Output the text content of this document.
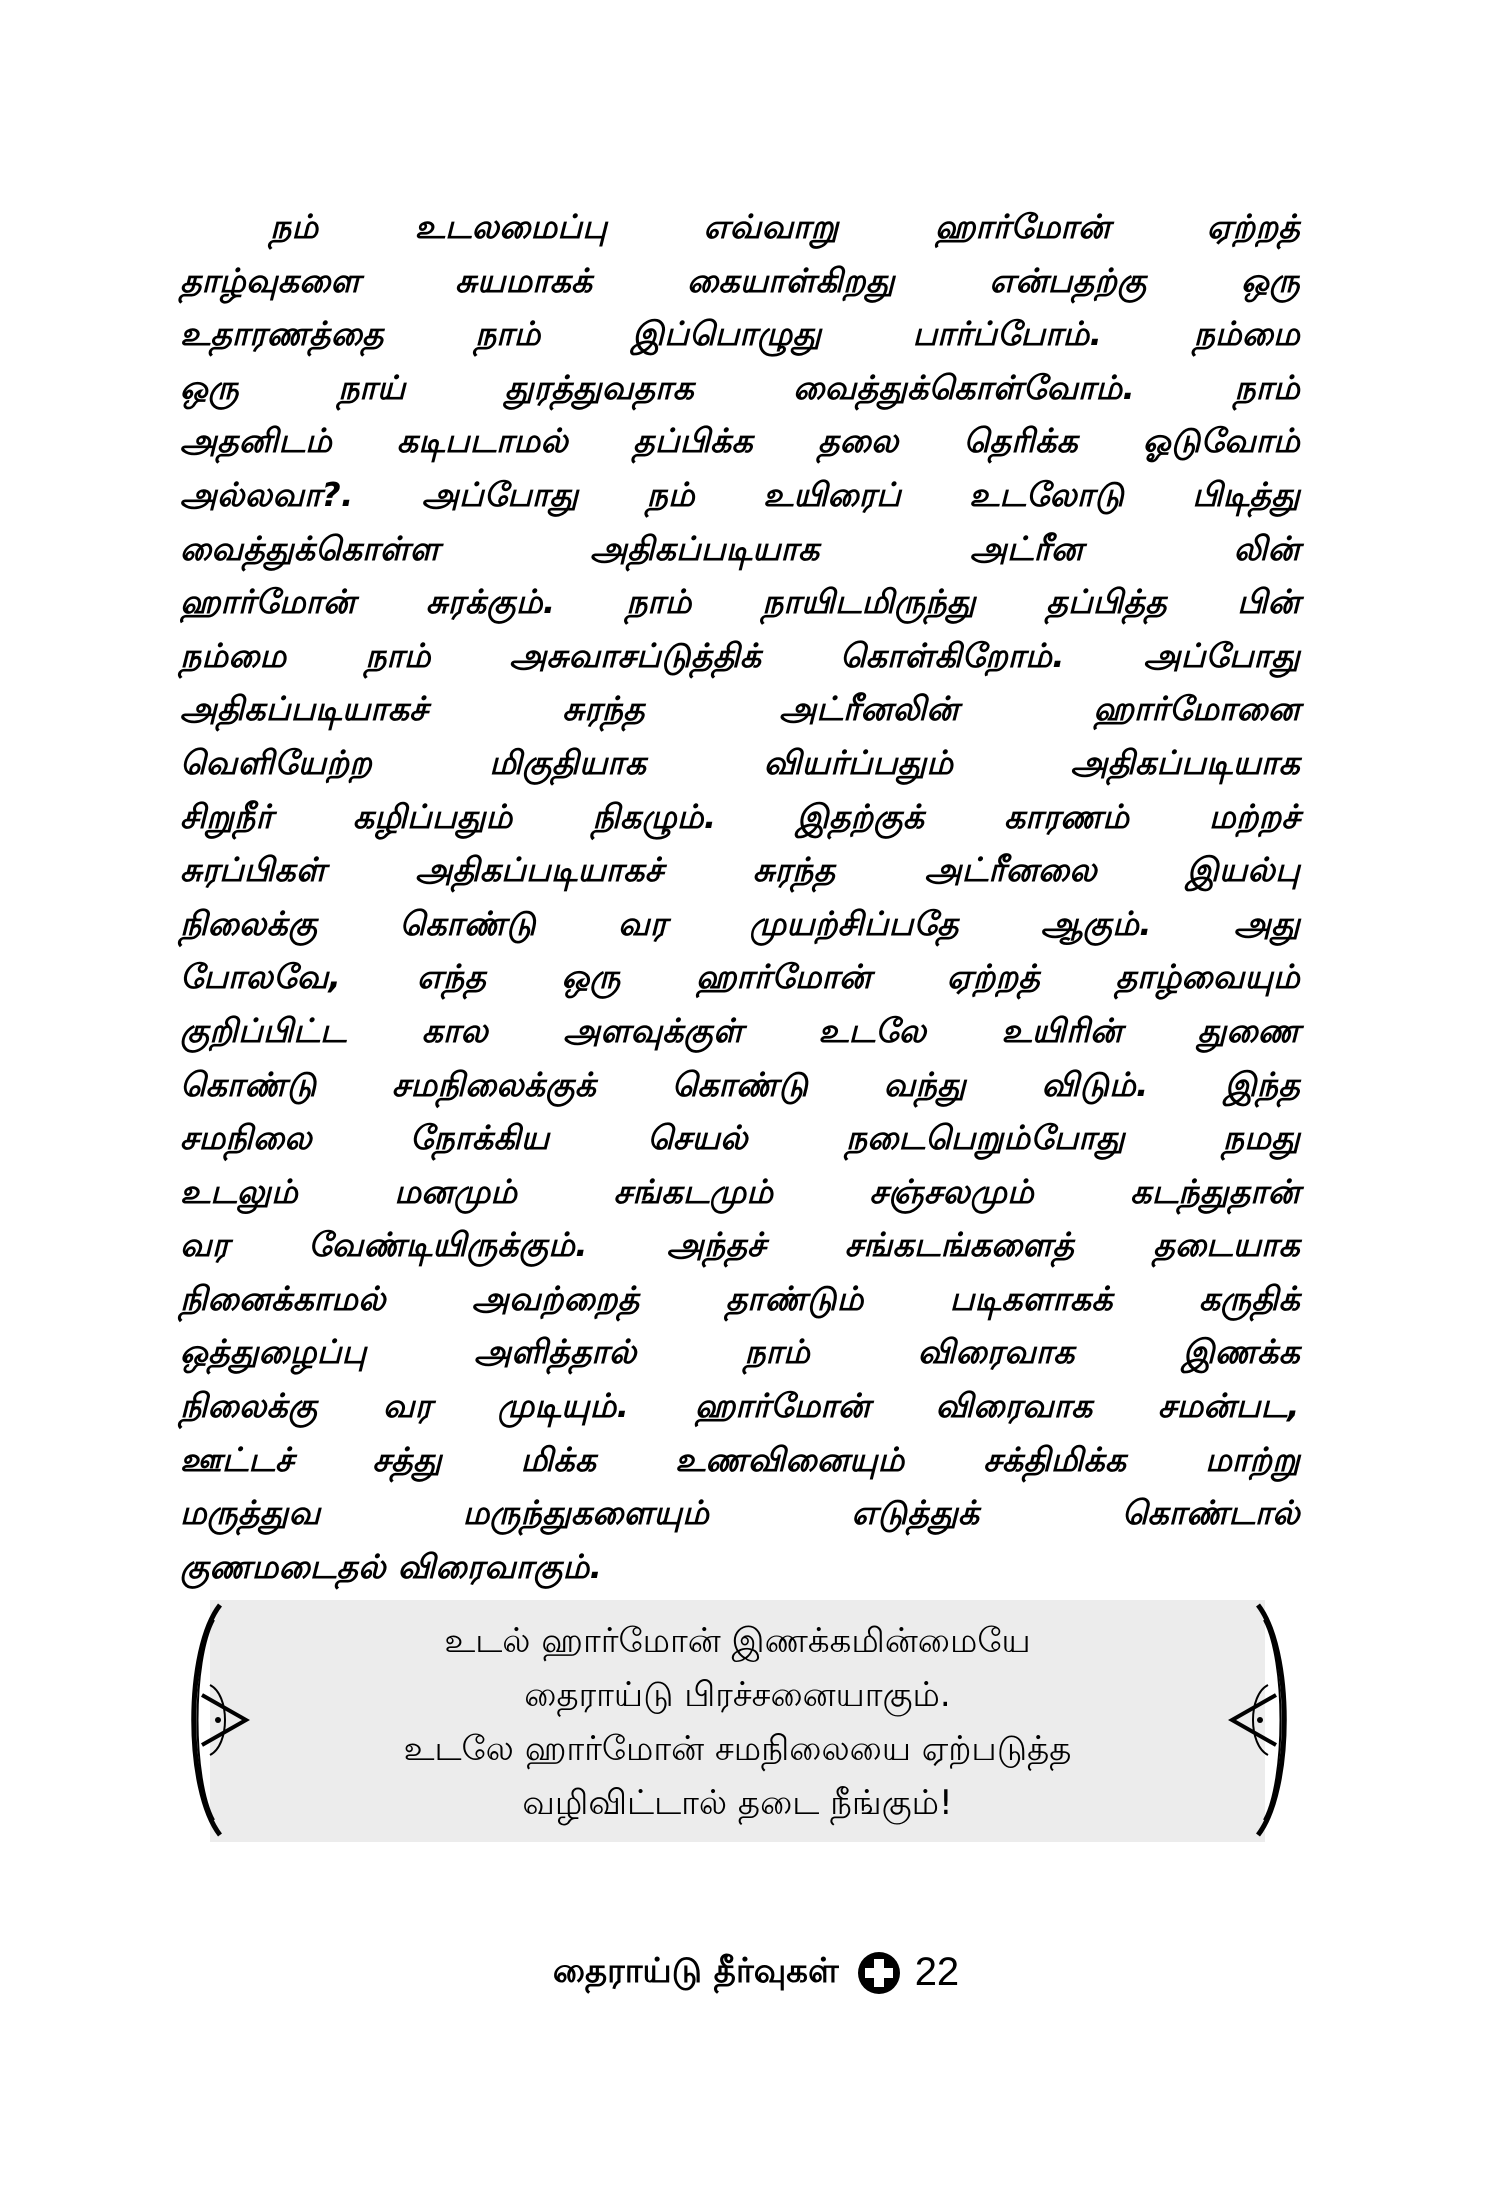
நம் உடலமைப்பு எவ்வாறு ஹார்மோன் ஏற்றத்
தாழ்வுகளை சுயமாகக் கையாள்கிறது என்பதற்கு ஒரு
உதாரணத்தை நாம் இப்பொழுது பார்ப்போம். நம்மை
ஒரு நாய் துரத்துவதாக வைத்துக்கொள்வோம். நாம்
அதனிடம் கடிபடாமல் தப்பிக்க தலை தெரிக்க ஓடுவோம்
அல்லவா?. அப்போது நம் உயிரைப் உடலோடு பிடித்து
வைத்துக்கொள்ள அதிகப்படியாக அட்ரீன லின்
ஹார்மோன் சுரக்கும். நாம் நாயிடமிருந்து தப்பித்த பின்
நம்மை நாம் அசுவாசப்டுத்திக் கொள்கிறோம். அப்போது
அதிகப்படியாகச் சுரந்த அட்ரீனலின் ஹார்மோனை
வெளியேற்ற மிகுதியாக வியர்ப்பதும் அதிகப்படியாக
சிறுநீர் கழிப்பதும் நிகழும். இதற்குக் காரணம் மற்றச்
சுரப்பிகள் அதிகப்படியாகச் சுரந்த அட்ரீனலை இயல்பு
நிலைக்கு கொண்டு வர முயற்சிப்பதே ஆகும். அது
போலவே, எந்த ஒரு ஹார்மோன் ஏற்றத் தாழ்வையும்
குறிப்பிட்ட கால அளவுக்குள் உடலே உயிரின் துணை
கொண்டு சமநிலைக்குக் கொண்டு வந்து விடும். இந்த
சமநிலை நோக்கிய செயல் நடைபெறும்போது நமது
உடலும் மனமும் சங்கடமும் சஞ்சலமும் கடந்துதான்
வர வேண்டியிருக்கும். அந்தச் சங்கடங்களைத் தடையாக
நினைக்காமல் அவற்றைத் தாண்டும் படிகளாகக் கருதிக்
ஒத்துழைப்பு அளித்தால் நாம் விரைவாக இணக்க
நிலைக்கு வர முடியும். ஹார்மோன் விரைவாக சமன்பட,
ஊட்டச் சத்து மிக்க உணவினையும் சக்திமிக்க மாற்று
மருத்துவ மருந்துகளையும் எடுத்துக் கொண்டால்
குணமடைதல் விரைவாகும்.
உடல் ஹார்மோன் இணக்கமின்மையே
தைராய்டு பிரச்சனையாகும்.
உடலே ஹார்மோன் சமநிலையை ஏற்படுத்த
வழிவிட்டால் தடை நீங்கும்!
தைராய்டு தீர்வுகள் 22
